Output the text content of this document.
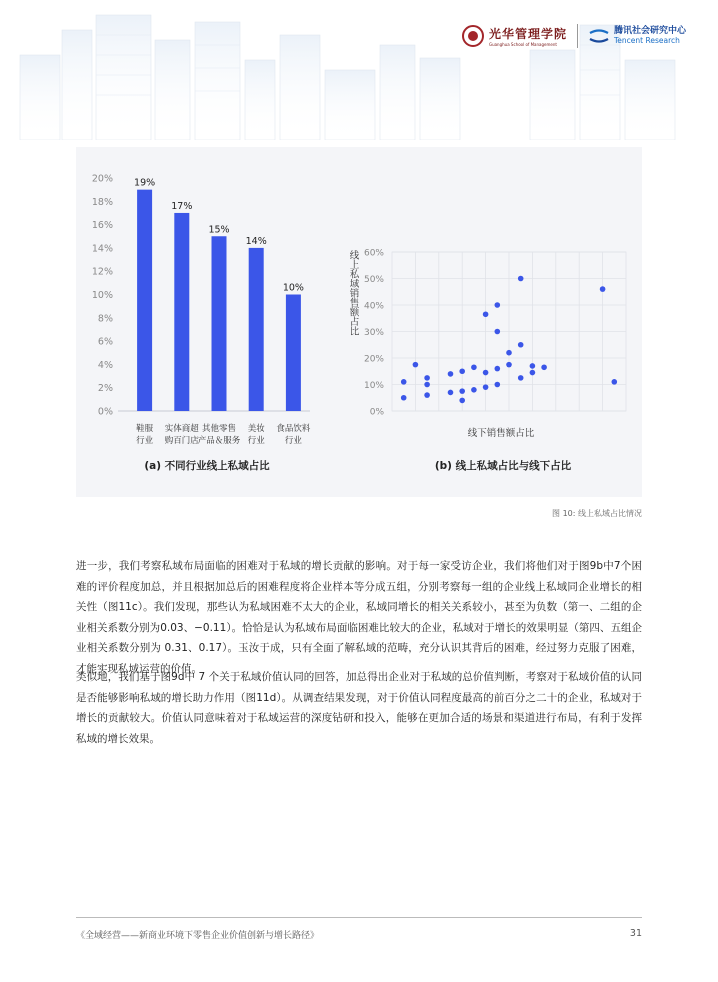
光华管理学院
Guanghua School of Management
腾讯社会研究中心
Tencent Research
0%
2%
4%
6%
8%
10%
12%
14%
16%
18%
20% 19%
鞋服
行业
17%
实体商超
购百门店
15%
其他零售
产品＆服务
14%
美妆
行业
10%
食品饮料
行业
0%
10%
20%
30%
40%
50%
60%
线下销售额占比
线上私域销售额占比
(a) 不同行业线上私域占比	(b) 线上私域占比与线下占比
图 10: 线上私域占比情况

进一步，我们考察私域布局面临的困难对于私域的增长贡献的影响。对于每一家受访企业，我们将他们对于图9b中7个困难的评价程度加总，并且根据加总后的困难程度将企业样本等分成五组，分别考察每一组的企业线上私域同企业增长的相关性（图11c）。我们发现，那些认为私域困难不太大的企业，私域同增长的相关关系较小，甚至为负数（第一、二组的企业相关系数分别为0.03、−0.11）。恰恰是认为私域布局面临困难比较大的企业，私域对于增长的效果明显（第四、五组企业相关系数分别为 0.31、0.17）。玉汝于成，只有全面了解私域的范畴，充分认识其背后的困难，经过努力克服了困难，才能实现私域运营的价值。

类似地，我们基于图9d中 7 个关于私域价值认同的回答，加总得出企业对于私域的总价值判断，考察对于私域价值的认同是否能够影响私域的增长助力作用（图11d）。从调查结果发现，对于价值认同程度最高的前百分之二十的企业，私域对于增长的贡献较大。价值认同意味着对于私域运营的深度钻研和投入，能够在更加合适的场景和渠道进行布局，有利于发挥私域的增长效果。

《全域经营——新商业环境下零售企业价值创新与增长路径》	31
